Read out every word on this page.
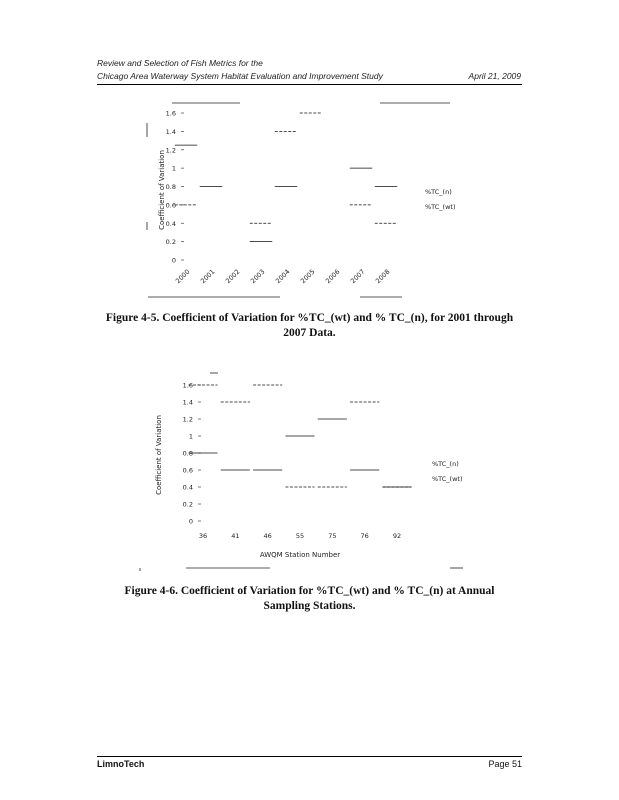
Review and Selection of Fish Metrics for the
Chicago Area Waterway System Habitat Evaluation and Improvement Study	April 21, 2009
Coefficient of Variation
0
0.2
0.4
0.6
0.8
1
1.2
1.4
1.6
2000 2001 2002 2003 2004 2005 2006 2007 2008
%TC_(n)
%TC_(wt)
Coefficient of Variation
AWQM Station Number
0
0.2
0.4
0.6
0.8
1
1.2
1.4
1.6
36	41	46	55	75	76	92
%TC_(n)
%TC_(wt)
Figure 4-5. Coefficient of Variation for %TC_(wt) and % TC_(n), for 2001 through
2007 Data.
Figure 4-6. Coefficient of Variation for %TC_(wt) and % TC_(n) at Annual
Sampling Stations.
LimnoTech	Page 51
